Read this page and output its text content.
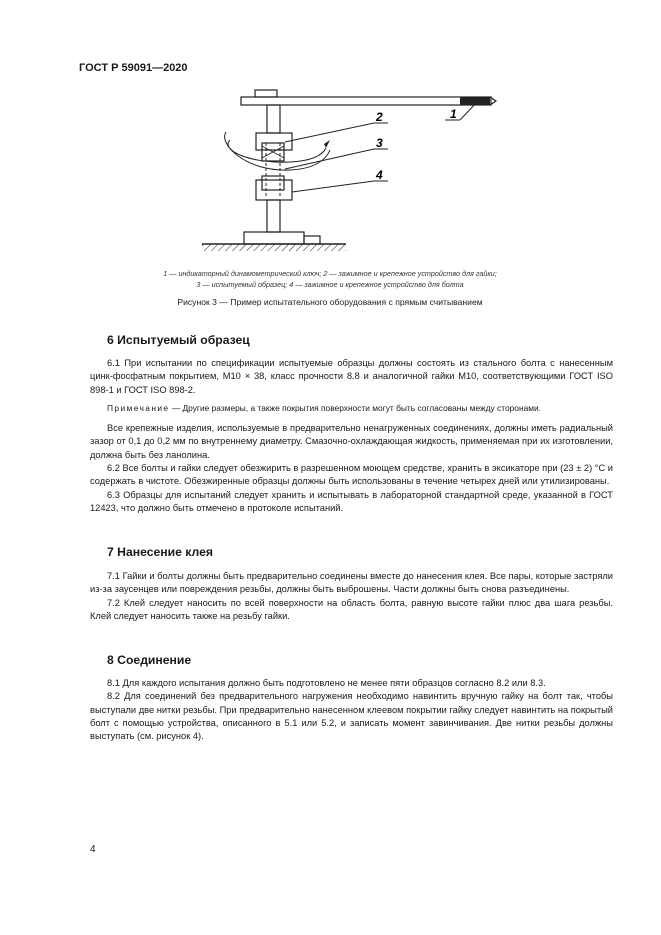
ГОСТ Р 59091—2020
1
2
3
4
1 — индикаторный динамометрический ключ; 2 — зажимное и крепежное устройство для гайки;
3 — испытуемый образец; 4 — зажимное и крепежное устройство для болта
Рисунок 3 — Пример испытательного оборудования с прямым считыванием
6 Испытуемый образец
6.1 При испытании по спецификации испытуемые образцы должны состоять из стального болта с нанесенным цинк-фосфатным покрытием, М10 × 38, класс прочности 8.8 и аналогичной гайки М10, соответствующими ГОСТ ISO 898-1 и ГОСТ ISO 898-2.
Примечание — Другие размеры, а также покрытия поверхности могут быть согласованы между сторонами.
Все крепежные изделия, используемые в предварительно ненагруженных соединениях, должны иметь радиальный зазор от 0,1 до 0,2 мм по внутреннему диаметру. Смазочно-охлаждающая жидкость, применяемая при их изготовлении, должна быть без ланолина.
6.2 Все болты и гайки следует обезжирить в разрешенном моющем средстве, хранить в эксикаторе при (23 ± 2) °С и содержать в чистоте. Обезжиренные образцы должны быть использованы в течение четырех дней или утилизированы.
6.3 Образцы для испытаний следует хранить и испытывать в лабораторной стандартной среде, указанной в ГОСТ 12423, что должно быть отмечено в протоколе испытаний.
7 Нанесение клея
7.1 Гайки и болты должны быть предварительно соединены вместе до нанесения клея. Все пары, которые застряли из-за заусенцев или повреждения резьбы, должны быть выброшены. Части должны быть снова разъединены.
7.2 Клей следует наносить по всей поверхности на область болта, равную высоте гайки плюс два шага резьбы. Клей следует наносить также на резьбу гайки.
8 Соединение
8.1 Для каждого испытания должно быть подготовлено не менее пяти образцов согласно 8.2 или 8.3.
8.2 Для соединений без предварительного нагружения необходимо навинтить вручную гайку на болт так, чтобы выступали две нитки резьбы. При предварительно нанесенном клеевом покрытии гайку следует навинтить на покрытый болт с помощью устройства, описанного в 5.1 или 5.2, и записать момент завинчивания. Две нитки резьбы должны выступать (см. рисунок 4).
4
